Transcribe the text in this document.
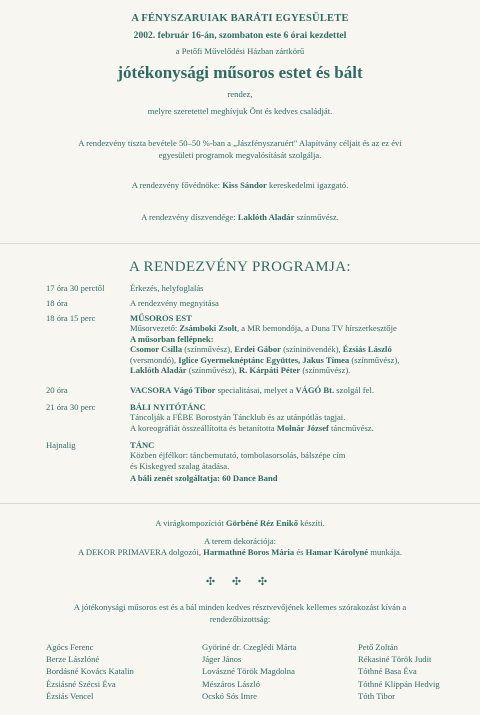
A FÉNYSZARUIAK BARÁTI EGYESÜLETE
2002. február 16-án, szombaton este 6 órai kezdettel
a Petőfi Művelődési Házban zártkörű
jótékonysági műsoros estet és bált
rendez,
melyre szeretettel meghívjuk Önt és kedves családját.
A rendezvény tiszta bevétele 50–50 %-ban a „Jászfényszaruért" Alapítvány céljait és az ez évi
egyesületi programok megvalósítását szolgálja.
A rendezvény fővédnöke: Kiss Sándor kereskedelmi igazgató.
A rendezvény díszvendége: Laklóth Aladár színművész.
A RENDEZVÉNY PROGRAMJA:
17 óra 30 perctől	Érkezés, helyfoglalás
18 óra	A rendezvény megnyitása
18 óra 15 perc	MŰSOROS EST
Műsorvezető: Zsámboki Zsolt, a MR bemondója, a Duna TV hírszerkesztője
A műsorban fellépnek:
Csomor Csilla (színművész), Erdei Gábor (színinövendék), Ézsiás László
(versmondó), Iglice Gyermeknéptánc Együttes, Jakus Tímea (színművész),
Laklóth Aladár (színművész), R. Kárpáti Péter (színművész).
20 óra	VACSORA Vágó Tibor specialitásai, melyet a VÁGÓ Bt. szolgál fel.
21 óra 30 perc	BÁLI NYITÓTÁNC
Táncolják a FÉBE Borostyán Táncklub és az utánpótlás tagjai.
A koreográfiát összeállította és betanította Molnár József táncművész.
Hajnalig	TÁNC
Közben éjfélkor: táncbemutató, tombolasorsolás, bálszépe cím
és Kiskegyed szalag átadása.
A báli zenét szolgáltatja: 60 Dance Band
A virágkompozíciót Görbéné Réz Enikő készíti.
A terem dekorációja:
A DEKOR PRIMAVERA dolgozói, Harmathné Boros Mária és Hamar Károlyné munkája.
✣ ✣ ✣
A jótékonysági műsoros est és a bál minden kedves résztvevőjének kellemes szórakozást kíván a
rendezőbizottság:
Agócs Ferenc
Berze Lászlóné
Bordásné Kovács Katalin
Ézsiásné Szécsi Éva
Ézsiás Vencel
Györiné dr. Czeglédi Márta
Jáger János
Lovászné Török Magdolna
Mészáros László
Ocskó Sós Imre
Pető Zoltán
Rékasiné Török Judit
Tóthné Basa Éva
Tóthné Klippán Hedvig
Tóth Tibor
